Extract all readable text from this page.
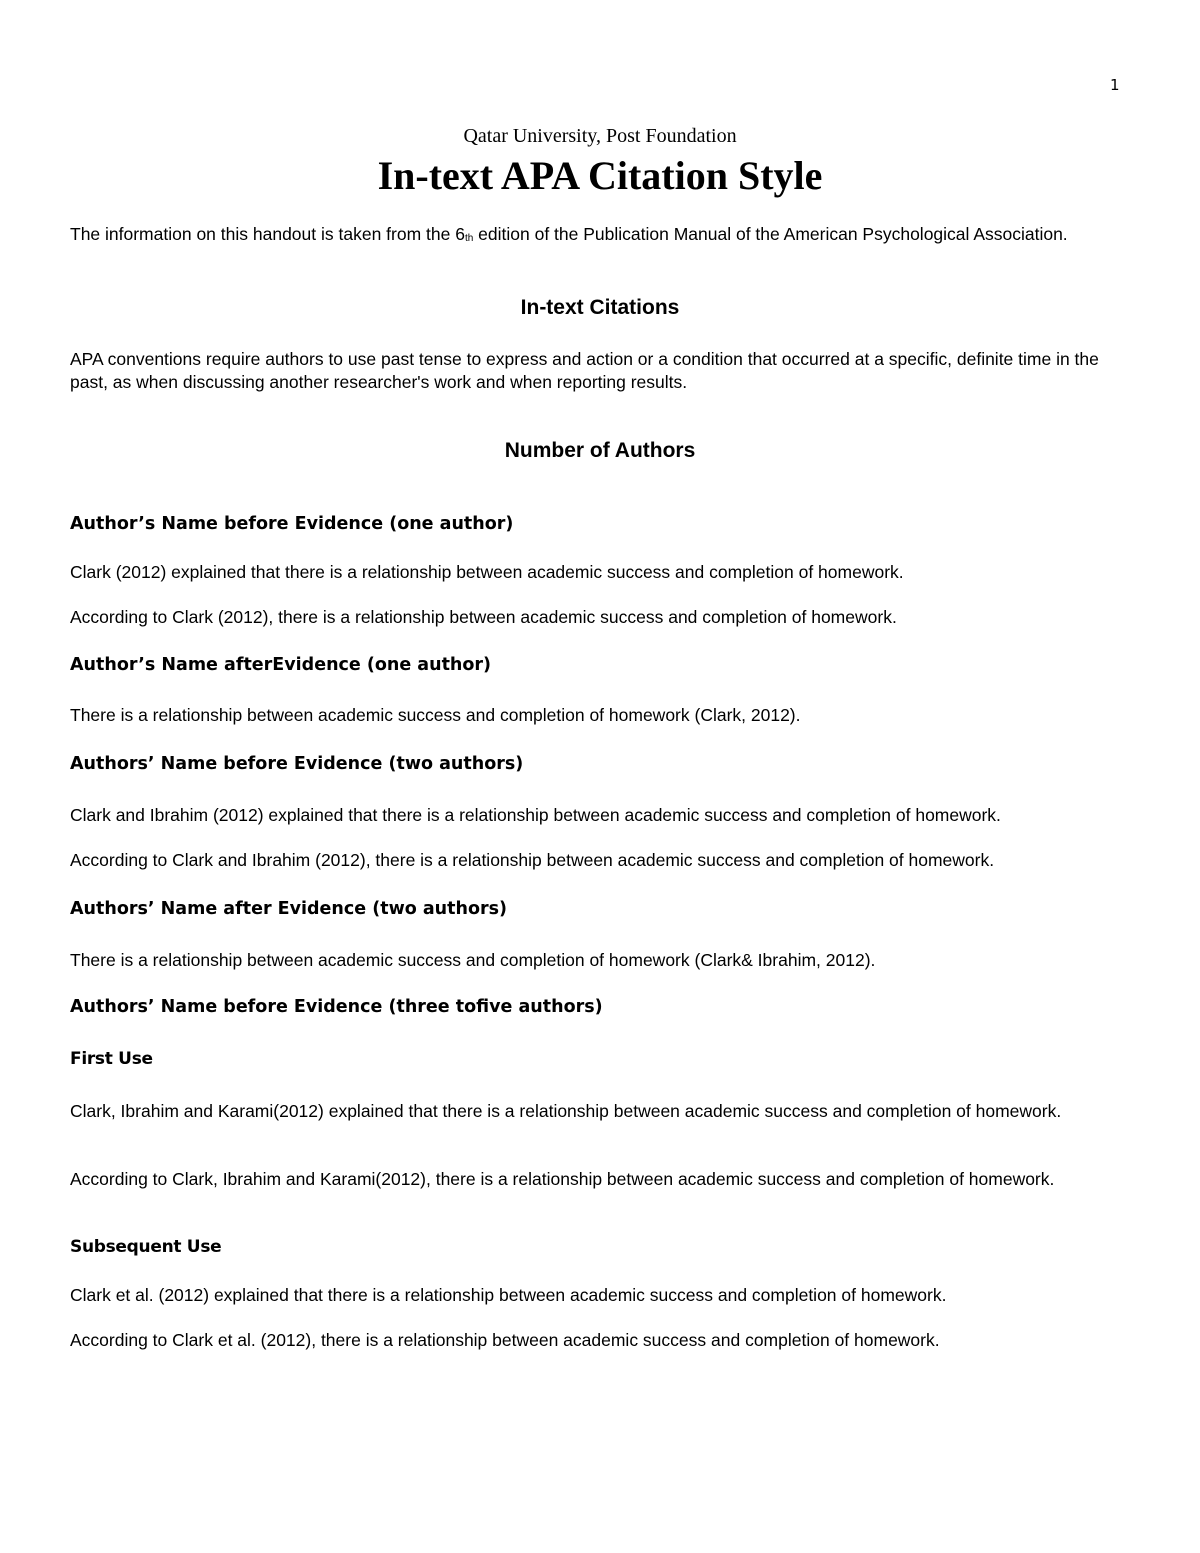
1
Qatar University, Post Foundation
In-text APA Citation Style
The information on this handout is taken from the 6th edition of the Publication Manual of the American Psychological Association.
In-text Citations
APA conventions require authors to use past tense to express and action or a condition that occurred at a specific, definite time in the past, as when discussing another researcher's work and when reporting results.
Number of Authors
Author’s Name before Evidence (one author)
Clark (2012) explained that there is a relationship between academic success and completion of homework.
According to Clark (2012), there is a relationship between academic success and completion of homework.
Author’s Name afterEvidence (one author)
There is a relationship between academic success and completion of homework (Clark, 2012).
Authors’ Name before Evidence (two authors)
Clark and Ibrahim (2012) explained that there is a relationship between academic success and completion of homework.
According to Clark and Ibrahim (2012), there is a relationship between academic success and completion of homework.
Authors’ Name after Evidence (two authors)
There is a relationship between academic success and completion of homework (Clark& Ibrahim, 2012).
Authors’ Name before Evidence (three tofive authors)
First Use
Clark, Ibrahim and Karami(2012) explained that there is a relationship between academic success and completion of homework.
According to Clark, Ibrahim and Karami(2012), there is a relationship between academic success and completion of homework.
Subsequent Use
Clark et al. (2012) explained that there is a relationship between academic success and completion of homework.
According to Clark et al. (2012), there is a relationship between academic success and completion of homework.
